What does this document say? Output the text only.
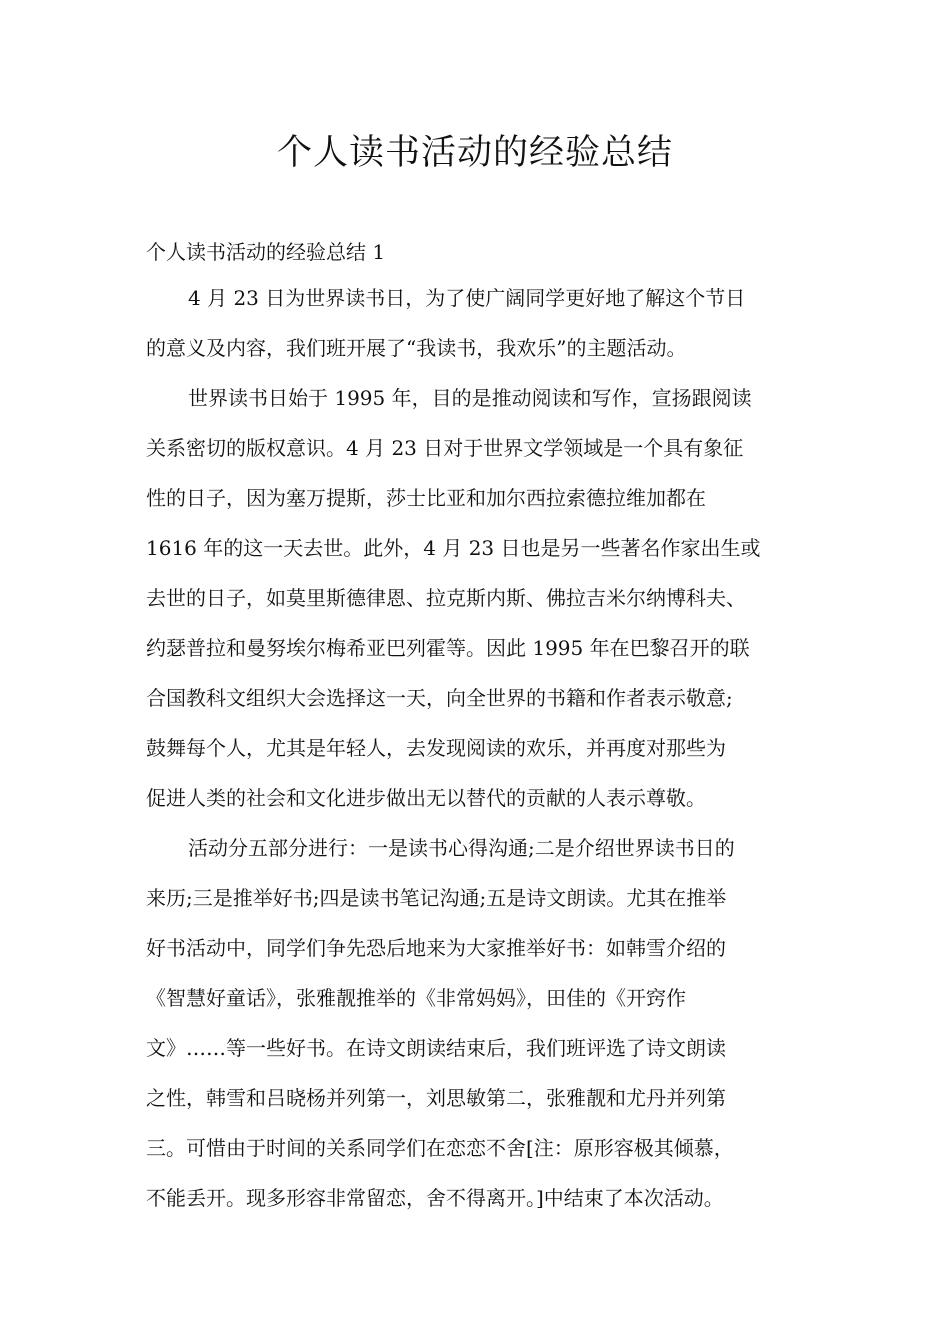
个人读书活动的经验总结

个人读书活动的经验总结 1

4 月 23 日为世界读书日，为了使广阔同学更好地了解这个节日
的意义及内容，我们班开展了“我读书，我欢乐”的主题活动。

世界读书日始于 1995 年，目的是推动阅读和写作，宣扬跟阅读
关系密切的版权意识。4 月 23 日对于世界文学领域是一个具有象征
性的日子，因为塞万提斯，莎士比亚和加尔西拉索德拉维加都在
1616 年的这一天去世。此外，4 月 23 日也是另一些著名作家出生或
去世的日子，如莫里斯德律恩、拉克斯内斯、佛拉吉米尔纳博科夫、
约瑟普拉和曼努埃尔梅希亚巴列霍等。因此 1995 年在巴黎召开的联
合国教科文组织大会选择这一天，向全世界的书籍和作者表示敬意;
鼓舞每个人，尤其是年轻人，去发现阅读的欢乐，并再度对那些为
促进人类的社会和文化进步做出无以替代的贡献的人表示尊敬。

活动分五部分进行：一是读书心得沟通;二是介绍世界读书日的
来历;三是推举好书;四是读书笔记沟通;五是诗文朗读。尤其在推举
好书活动中，同学们争先恐后地来为大家推举好书：如韩雪介绍的
《智慧好童话》，张雅靓推举的《非常妈妈》，田佳的《开窍作
文》……等一些好书。在诗文朗读结束后，我们班评选了诗文朗读
之性，韩雪和吕晓杨并列第一，刘思敏第二，张雅靓和尤丹并列第
三。可惜由于时间的关系同学们在恋恋不舍[注：原形容极其倾慕，
不能丢开。现多形容非常留恋，舍不得离开。]中结束了本次活动。
